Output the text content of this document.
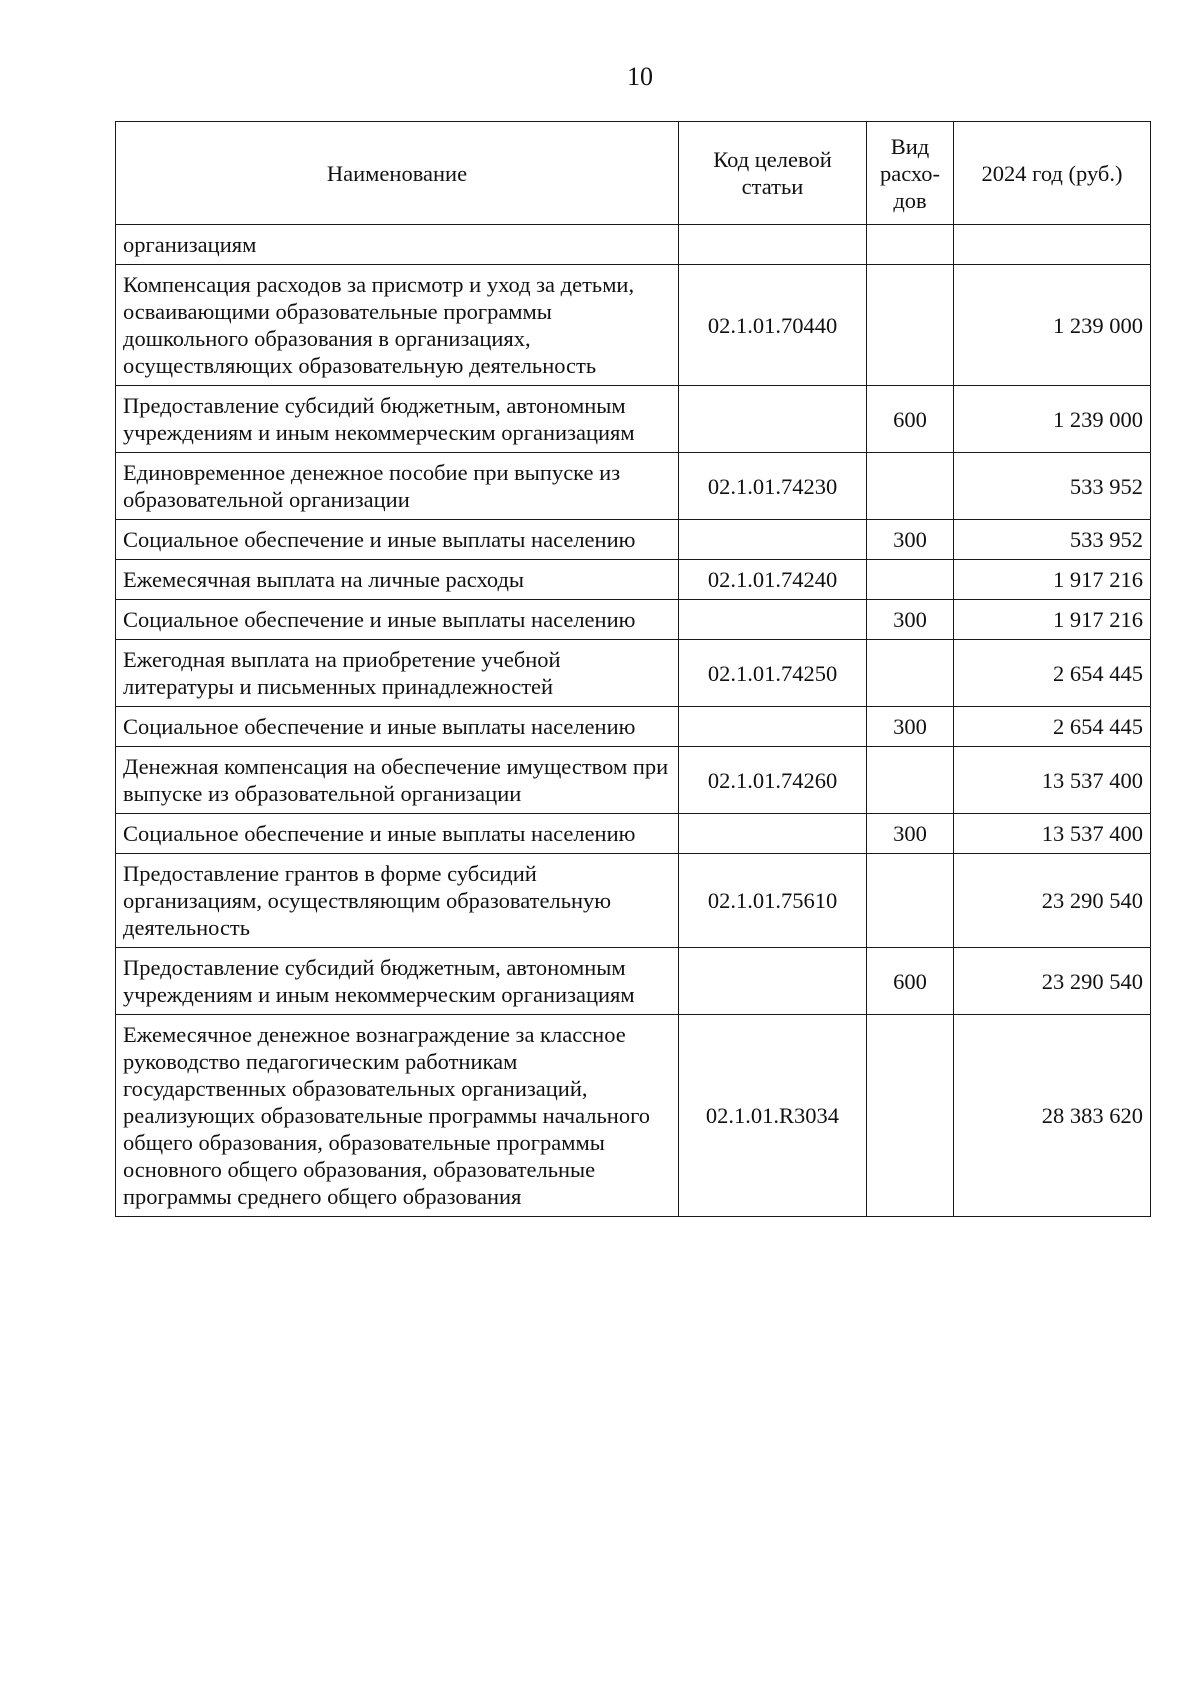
10
Наименование	Код целевой статьи	Вид расхо-дов	2024 год (руб.)
организациям			
Компенсация расходов за присмотр и уход за детьми, осваивающими образовательные программы дошкольного образования в организациях, осуществляющих образовательную деятельность	02.1.01.70440		1 239 000
Предоставление субсидий бюджетным, автономным учреждениям и иным некоммерческим организациям		600	1 239 000
Единовременное денежное пособие при выпуске из образовательной организации	02.1.01.74230		533 952
Социальное обеспечение и иные выплаты населению		300	533 952
Ежемесячная выплата на личные расходы	02.1.01.74240		1 917 216
Социальное обеспечение и иные выплаты населению		300	1 917 216
Ежегодная выплата на приобретение учебной литературы и письменных принадлежностей	02.1.01.74250		2 654 445
Социальное обеспечение и иные выплаты населению		300	2 654 445
Денежная компенсация на обеспечение имуществом при выпуске из образовательной организации	02.1.01.74260		13 537 400
Социальное обеспечение и иные выплаты населению		300	13 537 400
Предоставление грантов в форме субсидий организациям, осуществляющим образовательную деятельность	02.1.01.75610		23 290 540
Предоставление субсидий бюджетным, автономным учреждениям и иным некоммерческим организациям		600	23 290 540
Ежемесячное денежное вознаграждение за классное руководство педагогическим работникам государственных образовательных организаций, реализующих образовательные программы начального общего образования, образовательные программы основного общего образования, образовательные программы среднего общего образования	02.1.01.R3034		28 383 620
